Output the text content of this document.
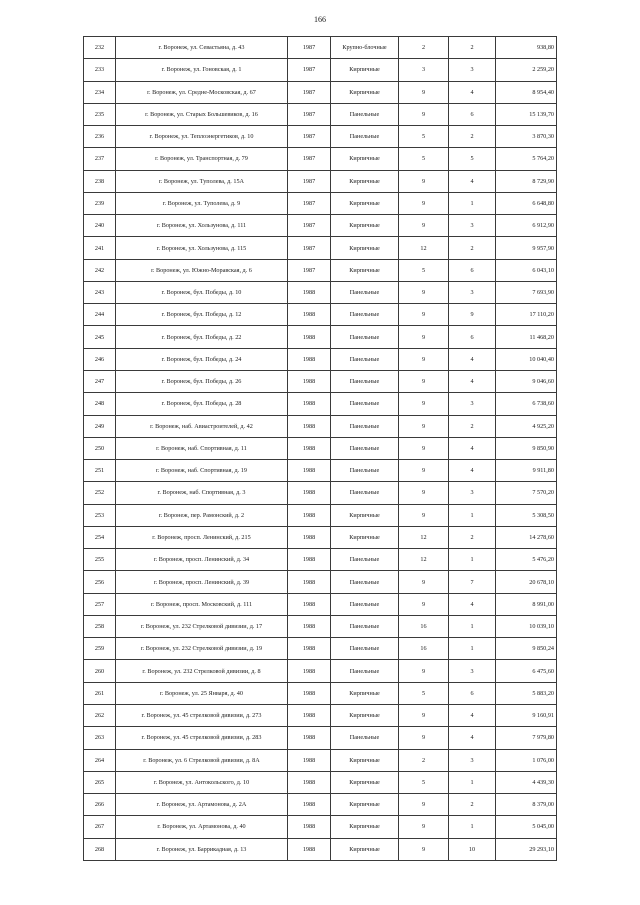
166
232	г. Воронеж, ул. Севастьяна, д. 43	1987	Крупно-блочные	2	2	938,80
233	г. Воронеж, ул. Гоновская, д. 1	1987	Кирпичные	3	3	2 259,20
234	г. Воронеж, ул. Средне-Московская, д. 67	1987	Кирпичные	9	4	8 954,40
235	г. Воронеж, ул. Старых Большевиков, д. 16	1987	Панельные	9	6	15 139,70
236	г. Воронеж, ул. Теплоэнергетиков, д. 10	1987	Панельные	5	2	3 870,30
237	г. Воронеж, ул. Транспортная, д. 79	1987	Кирпичные	5	5	5 764,20
238	г. Воронеж, ул. Туполева, д. 15А	1987	Кирпичные	9	4	8 729,90
239	г. Воронеж, ул. Туполева, д. 9	1987	Кирпичные	9	1	6 648,80
240	г. Воронеж, ул. Хользунова, д. 111	1987	Кирпичные	9	3	6 912,90
241	г. Воронеж, ул. Хользунова, д. 115	1987	Кирпичные	12	2	9 957,90
242	г. Воронеж, ул. Южно-Моравская, д. 6	1987	Кирпичные	5	6	6 043,10
243	г. Воронеж, бул. Победы, д. 10	1988	Панельные	9	3	7 693,90
244	г. Воронеж, бул. Победы, д. 12	1988	Панельные	9	9	17 110,20
245	г. Воронеж, бул. Победы, д. 22	1988	Панельные	9	6	11 468,20
246	г. Воронеж, бул. Победы, д. 24	1988	Панельные	9	4	10 040,40
247	г. Воронеж, бул. Победы, д. 26	1988	Панельные	9	4	9 046,60
248	г. Воронеж, бул. Победы, д. 28	1988	Панельные	9	3	6 738,60
249	г. Воронеж, наб. Авиастроителей, д. 42	1988	Панельные	9	2	4 925,20
250	г. Воронеж, наб. Спортивная, д. 11	1988	Панельные	9	4	9 850,90
251	г. Воронеж, наб. Спортивная, д. 19	1988	Панельные	9	4	9 911,80
252	г. Воронеж, наб. Спортивная, д. 3	1988	Панельные	9	3	7 570,20
253	г. Воронеж, пер. Рамонский, д. 2	1988	Кирпичные	9	1	5 308,50
254	г. Воронеж, просп. Ленинский, д. 215	1988	Кирпичные	12	2	14 278,60
255	г. Воронеж, просп. Ленинский, д. 34	1988	Панельные	12	1	5 476,20
256	г. Воронеж, просп. Ленинский, д. 39	1988	Панельные	9	7	20 678,10
257	г. Воронеж, просп. Московский, д. 111	1988	Панельные	9	4	8 991,00
258	г. Воронеж, ул. 232 Стрелковой дивизии, д. 17	1988	Панельные	16	1	10 039,10
259	г. Воронеж, ул. 232 Стрелковой дивизии, д. 19	1988	Панельные	16	1	9 850,24
260	г. Воронеж, ул. 232 Стрелковой дивизии, д. 8	1988	Панельные	9	3	6 475,60
261	г. Воронеж, ул. 25 Января, д. 40	1988	Кирпичные	5	6	5 883,20
262	г. Воронеж, ул. 45 стрелковой дивизии, д. 273	1988	Кирпичные	9	4	9 160,91
263	г. Воронеж, ул. 45 стрелковой дивизии, д. 283	1988	Панельные	9	4	7 979,80
264	г. Воронеж, ул. 6 Стрелковой дивизии, д. 8А	1988	Кирпичные	2	3	1 076,00
265	г. Воронеж, ул. Антокольского, д. 10	1988	Кирпичные	5	1	4 439,30
266	г. Воронеж, ул. Артамонова, д. 2А	1988	Кирпичные	9	2	8 379,00
267	г. Воронеж, ул. Артамонова, д. 40	1988	Кирпичные	9	1	5 045,00
268	г. Воронеж, ул. Баррикадная, д. 13	1988	Кирпичные	9	10	29 293,10
